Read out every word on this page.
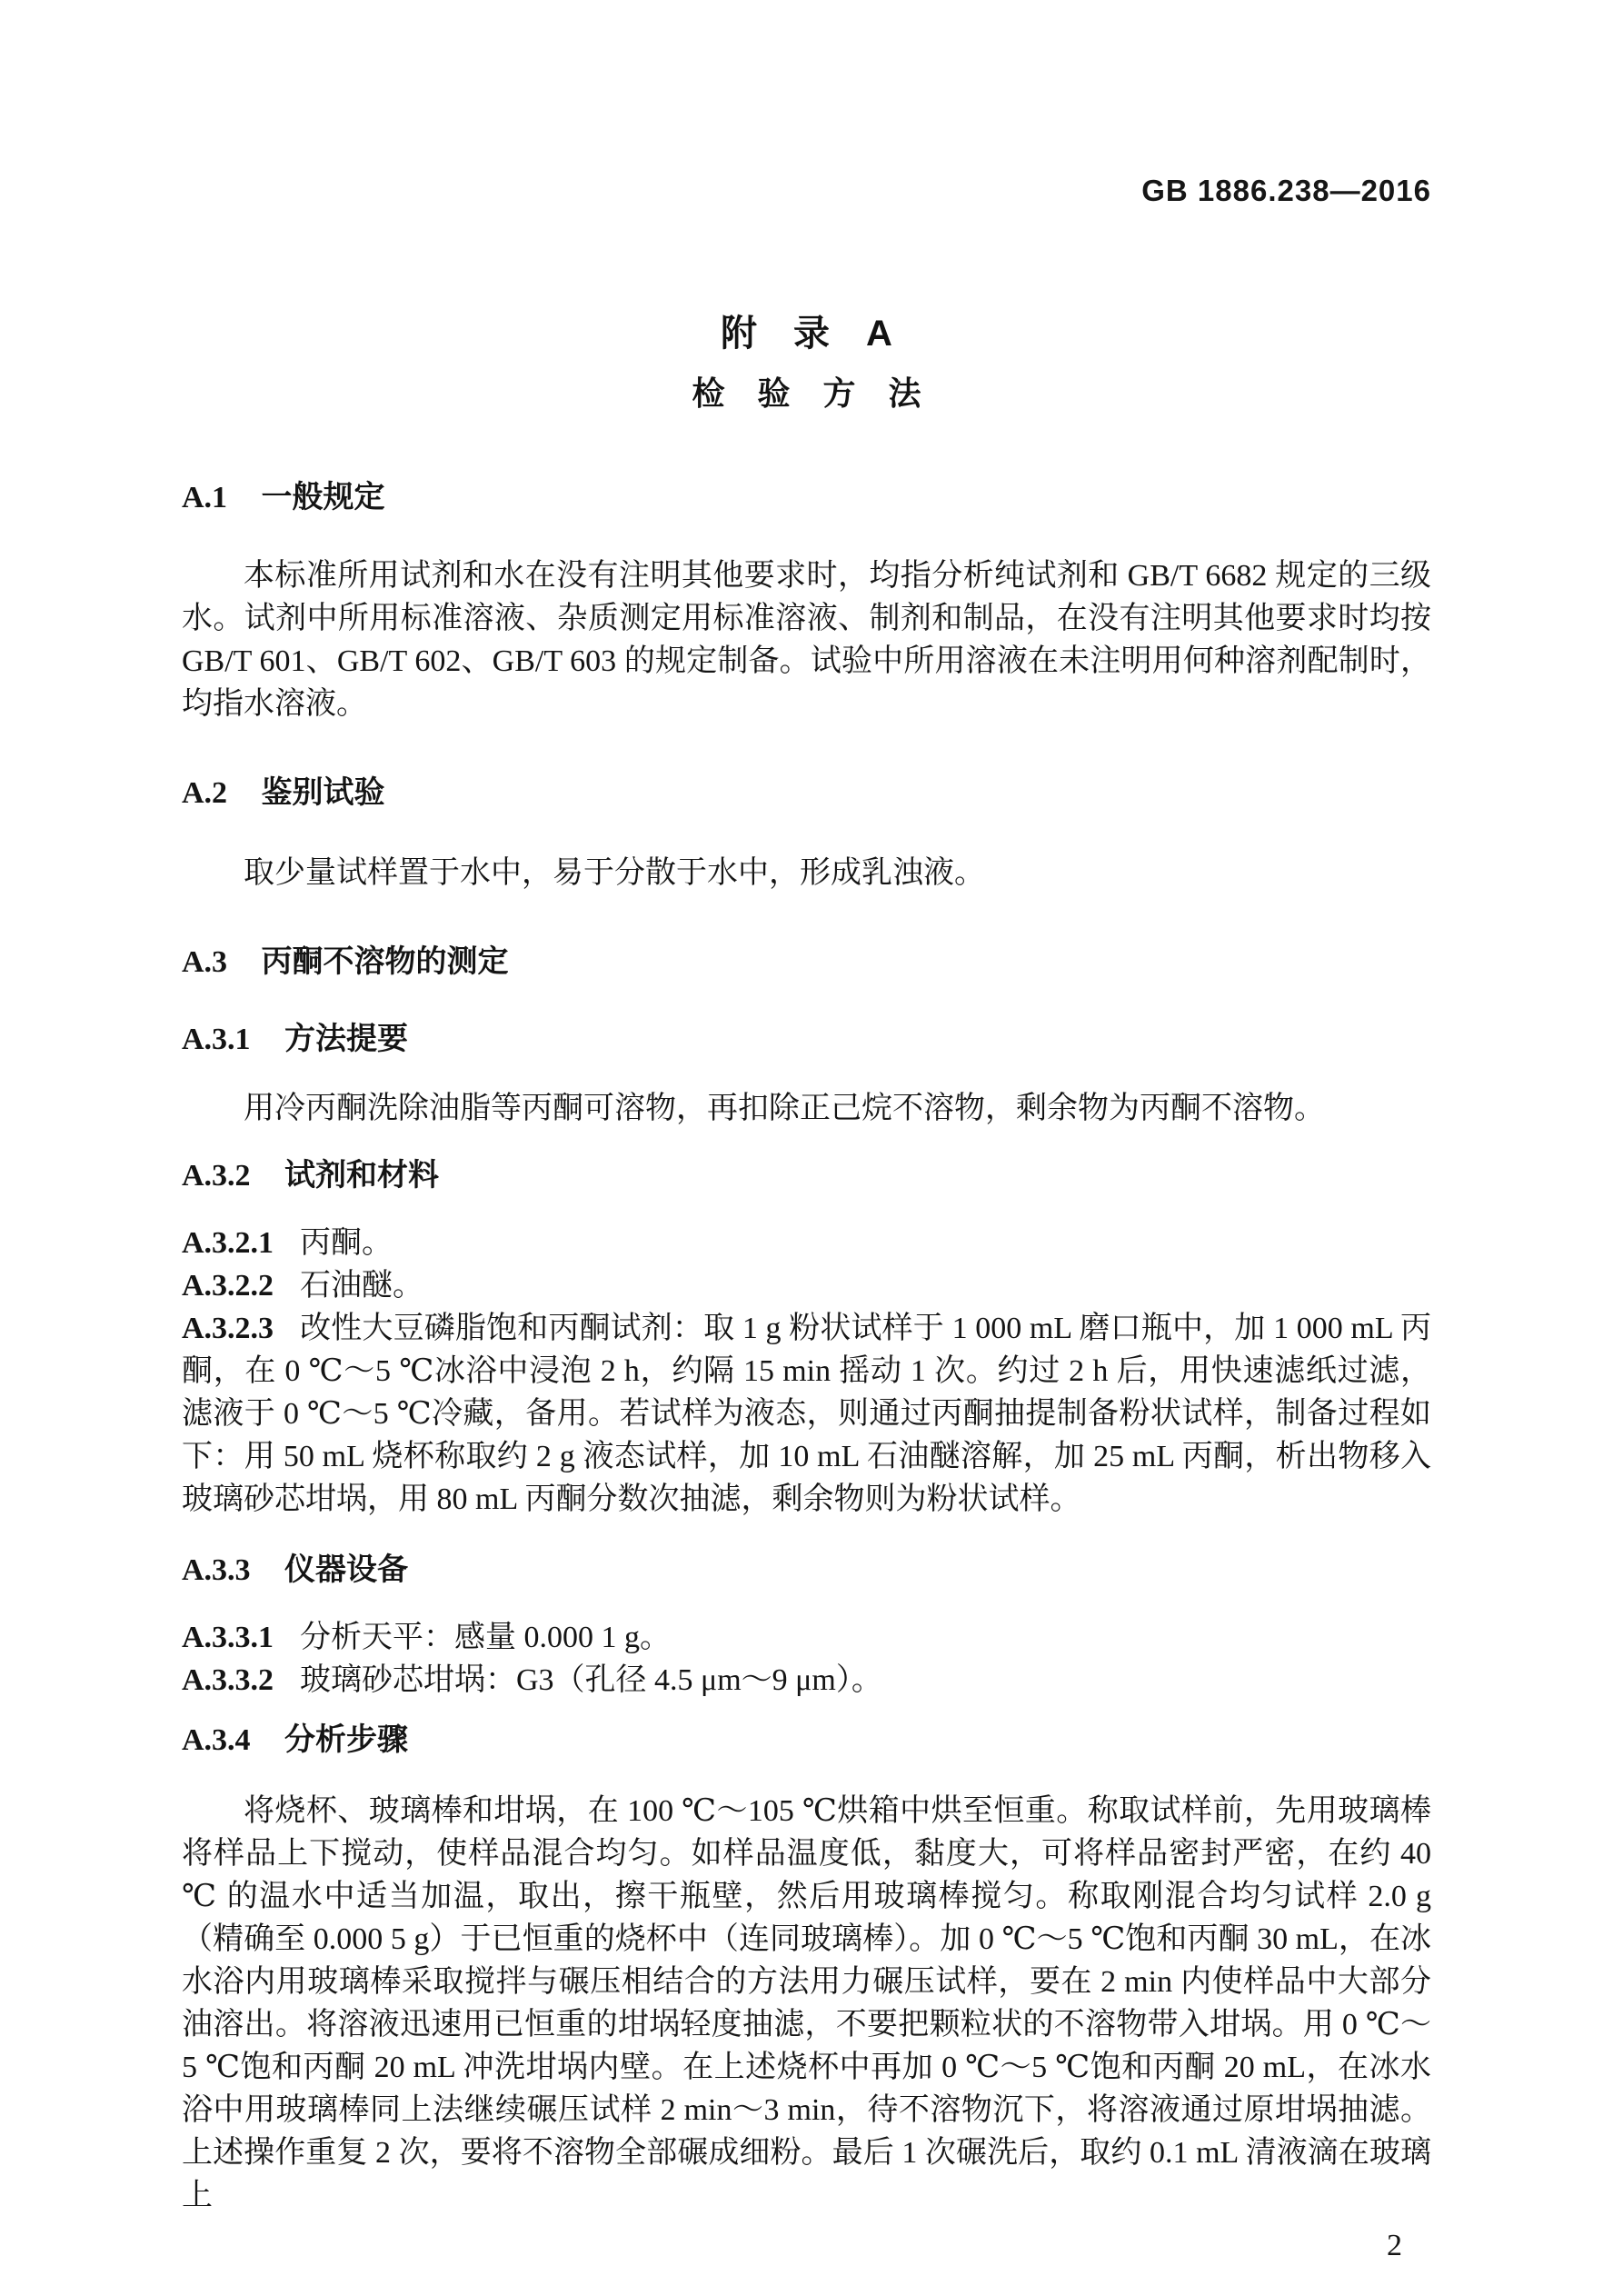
GB 1886.238—2016
附　录　A
检　验　方　法
A.1 一般规定

本标准所用试剂和水在没有注明其他要求时，均指分析纯试剂和 GB/T 6682 规定的三级水。试剂中所用标准溶液、杂质测定用标准溶液、制剂和制品，在没有注明其他要求时均按 GB/T 601、GB/T 602、GB/T 603 的规定制备。试验中所用溶液在未注明用何种溶剂配制时，均指水溶液。

A.2 鉴别试验

取少量试样置于水中，易于分散于水中，形成乳浊液。

A.3 丙酮不溶物的测定
A.3.1 方法提要

用冷丙酮洗除油脂等丙酮可溶物，再扣除正己烷不溶物，剩余物为丙酮不溶物。

A.3.2 试剂和材料

A.3.2.1 丙酮。

A.3.2.2 石油醚。

A.3.2.3 改性大豆磷脂饱和丙酮试剂：取 1 g 粉状试样于 1 000 mL 磨口瓶中，加 1 000 mL 丙酮，在 0 ℃～5 ℃冰浴中浸泡 2 h，约隔 15 min 摇动 1 次。约过 2 h 后，用快速滤纸过滤，滤液于 0 ℃～5 ℃冷藏，备用。若试样为液态，则通过丙酮抽提制备粉状试样，制备过程如下：用 50 mL 烧杯称取约 2 g 液态试样，加 10 mL 石油醚溶解，加 25 mL 丙酮，析出物移入玻璃砂芯坩埚，用 80 mL 丙酮分数次抽滤，剩余物则为粉状试样。

A.3.3 仪器设备

A.3.3.1 分析天平：感量 0.000 1 g。

A.3.3.2 玻璃砂芯坩埚：G3（孔径 4.5 μm～9 μm）。

A.3.4 分析步骤

将烧杯、玻璃棒和坩埚，在 100 ℃～105 ℃烘箱中烘至恒重。称取试样前，先用玻璃棒将样品上下搅动，使样品混合均匀。如样品温度低，黏度大，可将样品密封严密，在约 40 ℃ 的温水中适当加温，取出，擦干瓶壁，然后用玻璃棒搅匀。称取刚混合均匀试样 2.0 g（精确至 0.000 5 g）于已恒重的烧杯中（连同玻璃棒）。加 0 ℃～5 ℃饱和丙酮 30 mL，在冰水浴内用玻璃棒采取搅拌与碾压相结合的方法用力碾压试样，要在 2 min 内使样品中大部分油溶出。将溶液迅速用已恒重的坩埚轻度抽滤，不要把颗粒状的不溶物带入坩埚。用 0 ℃～5 ℃饱和丙酮 20 mL 冲洗坩埚内壁。在上述烧杯中再加 0 ℃～5 ℃饱和丙酮 20 mL，在冰水浴中用玻璃棒同上法继续碾压试样 2 min～3 min，待不溶物沉下，将溶液通过原坩埚抽滤。上述操作重复 2 次，要将不溶物全部碾成细粉。最后 1 次碾洗后，取约 0.1 mL 清液滴在玻璃上

2
